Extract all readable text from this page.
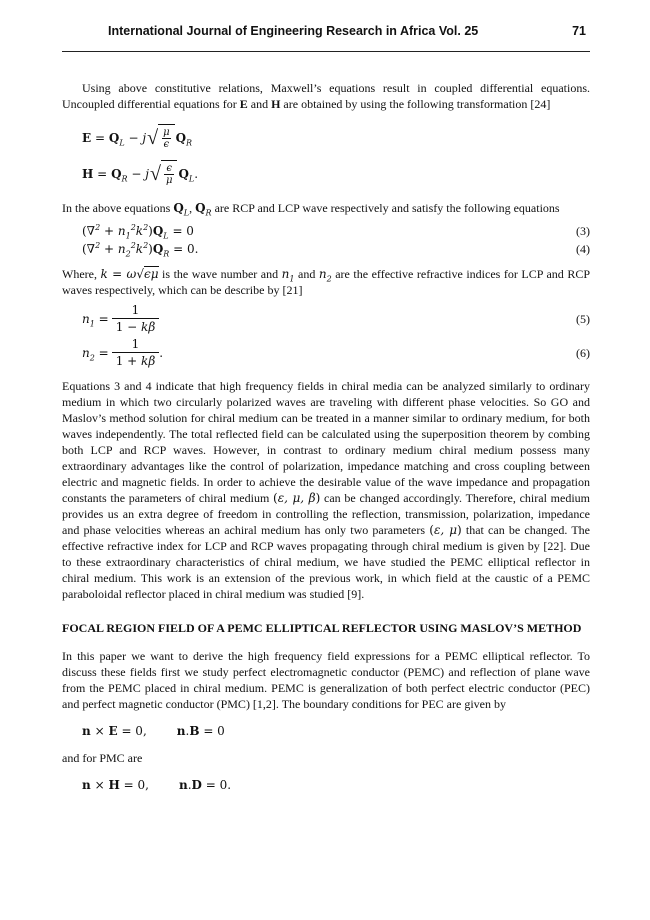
International Journal of Engineering Research in Africa Vol. 25	71

Using above constitutive relations, Maxwell’s equations result in coupled differential equations. Uncoupled differential equations for E and H are obtained by using the following transformation [24]

$E = Q_L - j$ √ $\frac{\mu}{\epsilon} Q_R$
$H = Q_R - j$ √ $\frac{\epsilon}{\mu} Q_L$.

In the above equations $Q_L$, $Q_R$ are RCP and LCP wave respectively and satisfy the following equations

$(\nabla^2 + n_1^2k^2)Q_L = 0$	(3)
$(\nabla^2 + n_2^2k^2)Q_R = 0$.	(4)

Where, k = ω√ϵμ is the wave number and $n_1$ and $n_2$ are the effective refractive indices for LCP and RCP waves respectively, which can be describe by [21]

$n_1$ =
$\frac{1}{1 - k\beta}$	(5)
$n_2$ =
$\frac{1}{1 + k\beta}$ .	(6)

Equations 3 and 4 indicate that high frequency fields in chiral media can be analyzed similarly to ordinary medium in which two circularly polarized waves are traveling with different phase velocities. So GO and Maslov’s method solution for chiral medium can be treated in a manner similar to ordinary medium, for both waves independently. The total reflected field can be calculated using the superposition theorem by combing both LCP and RCP waves. However, in contrast to ordinary medium chiral medium possess many extraordinary advantages like the control of polarization, impedance matching and cross coupling between electric and magnetic fields. In order to achieve the desirable value of the wave impedance and propagation constants the parameters of chiral medium (ε, μ, β) can be changed accordingly. Therefore, chiral medium provides us an extra degree of freedom in controlling the reflection, transmission, polarization, impedance and phase velocities whereas an achiral medium has only two parameters (ε, μ) that can be changed. The effective refractive index for LCP and RCP waves propagating through chiral medium is given by [22]. Due to these extraordinary characteristics of chiral medium, we have studied the PEMC elliptical reflector in chiral medium. This work is an extension of the previous work, in which field at the caustic of a PEMC paraboloidal reflector placed in chiral medium was studied [9].

FOCAL REGION FIELD OF A PEMC ELLIPTICAL REFLECTOR USING MASLOV’S METHOD

In this paper we want to derive the high frequency field expressions for a PEMC elliptical reflector. To discuss these fields first we study perfect electromagnetic conductor (PEMC) and reflection of plane wave from the PEMC placed in chiral medium. PEMC is generalization of both perfect electric conductor (PEC) and perfect magnetic conductor (PMC) [1,2]. The boundary conditions for PEC are given by

n × E = 0,	n.B = 0

and for PMC are

n × H = 0,	n.D = 0.
